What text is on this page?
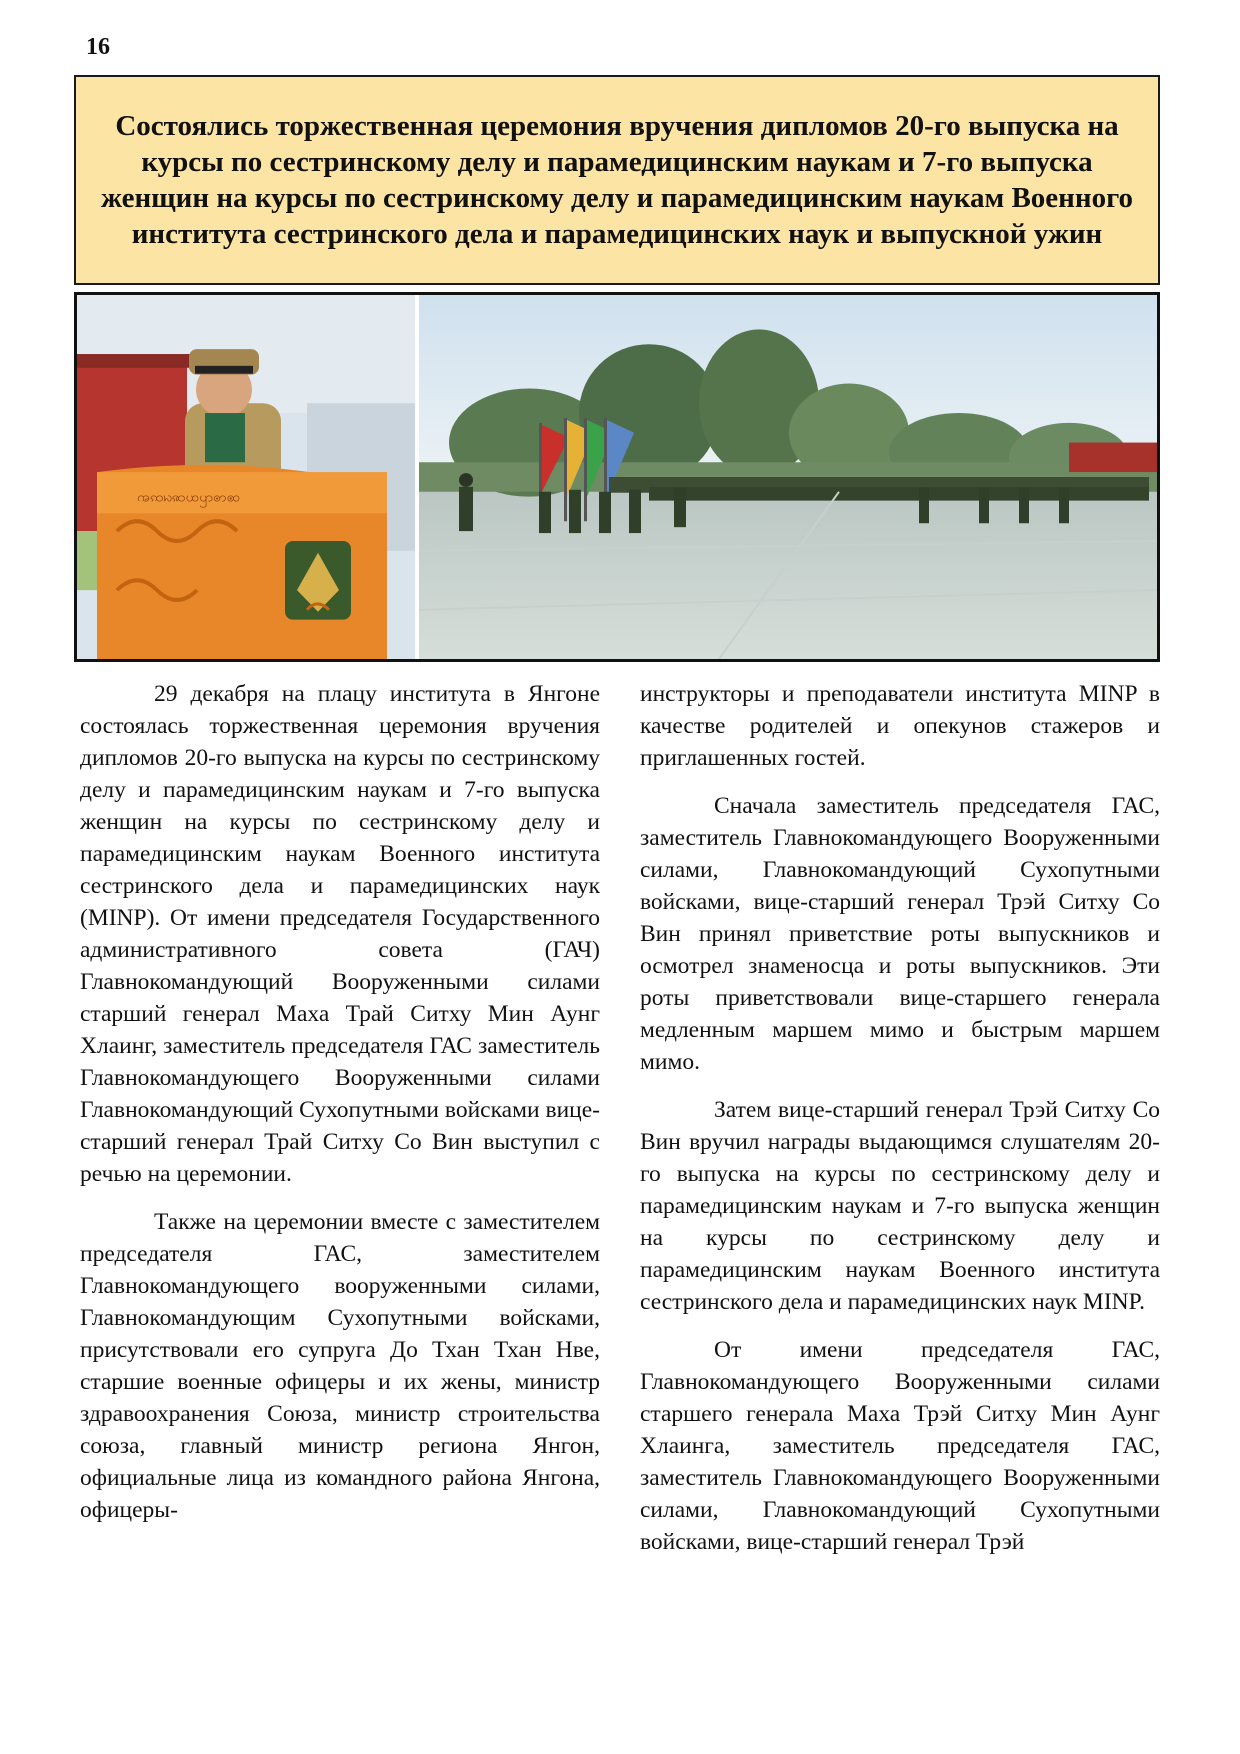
16
Состоялись торжественная церемония вручения дипломов 20-го выпуска на курсы по сестринскому делу и парамедицинским наукам и 7-го выпуска женщин на курсы по сестринскому делу и парамедицинским наукам Военного института сестринского дела и парамедицинских наук и выпускной ужин
ꩠꩡꩢꩣꩤꩥꩦꩧ

29 декабря на плацу института в Янгоне состоялась торжественная церемония вручения дипломов 20-го выпуска на курсы по сестринскому делу и парамедицинским наукам и 7-го выпуска женщин на курсы по сестринскому делу и парамедицинским наукам Военного института сестринского дела и парамедицинских наук (MINP). От имени председателя Государственного административного совета (ГАЧ) Главнокомандующий Вооруженными силами старший генерал Маха Трай Ситху Мин Аунг Хлаинг, заместитель председателя ГАС заместитель Главнокомандующего Вооруженными силами Главнокомандующий Сухопутными войсками вице-старший генерал Трай Ситху Со Вин выступил с речью на церемонии.

Также на церемонии вместе с заместителем председателя ГАС, заместителем Главнокомандующего вооруженными силами, Главнокомандующим Сухопутными войсками, присутствовали его супруга До Тхан Тхан Нве, старшие военные офицеры и их жены, министр здравоохранения Союза, министр строительства союза, главный министр региона Янгон, официальные лица из командного района Янгона, офицеры-

инструкторы и преподаватели института MINP в качестве родителей и опекунов стажеров и приглашенных гостей.

Сначала заместитель председателя ГАС, заместитель Главнокомандующего Вооруженными силами, Главнокомандующий Сухопутными войсками, вице-старший генерал Трэй Ситху Со Вин принял приветствие роты выпускников и осмотрел знаменосца и роты выпускников. Эти роты приветствовали вице-старшего генерала медленным маршем мимо и быстрым маршем мимо.

Затем вице-старший генерал Трэй Ситху Со Вин вручил награды выдающимся слушателям 20-го выпуска на курсы по сестринскому делу и парамедицинским наукам и 7-го выпуска женщин на курсы по сестринскому делу и парамедицинским наукам Военного института сестринского дела и парамедицинских наук MINP.

От имени председателя ГАС, Главнокомандующего Вооруженными силами старшего генерала Маха Трэй Ситху Мин Аунг Хлаинга, заместитель председателя ГАС, заместитель Главнокомандующего Вооруженными силами, Главнокомандующий Сухопутными войсками, вице-старший генерал Трэй
